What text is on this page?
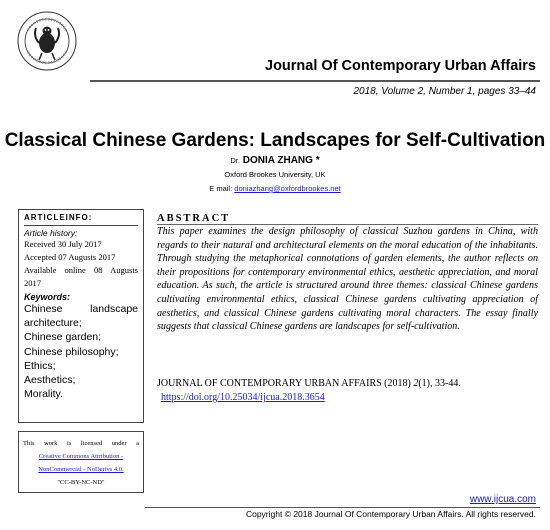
Journal Of Contemporary Urban Affairs
2018, Volume 2, Number 1, pages 33–44
Classical Chinese Gardens: Landscapes for Self-Cultivation
Dr. DONIA ZHANG *
Oxford Brookes University, UK
E mail: doniazhang@oxfordbrookes.net
ARTICLEINFO:
Article history:
Received 30 July 2017
Accepted 07 Augusts 2017
Available online 08 Augusts
2017
Keywords:
Chinese landscape
architecture;
Chinese garden;
Chinese philosophy;
Ethics;
Aesthetics;
Morality.
This work is licensed under a
Creative Commons Attribution -
NonCommercial - NoDerivs 4.0.
"CC-BY-NC-ND"
ABSTRACT
This paper examines the design philosophy of classical Suzhou gardens in China, with regards to their natural and architectural elements on the moral education of the inhabitants. Through studying the metaphorical connotations of garden elements, the author reflects on their propositions for contemporary environmental ethics, aesthetic appreciation, and moral education. As such, the article is structured around three themes: classical Chinese gardens cultivating environmental ethics, classical Chinese gardens cultivating appreciation of aesthetics, and classical Chinese gardens cultivating moral characters. The essay finally suggests that classical Chinese gardens are landscapes for self-cultivation.
JOURNAL OF CONTEMPORARY URBAN AFFAIRS (2018) 2(1), 33-44.
https://doi.org/10.25034/ijcua.2018.3654
www.ijcua.com
Copyright © 2018 Journal Of Contemporary Urban Affairs. All rights reserved.
